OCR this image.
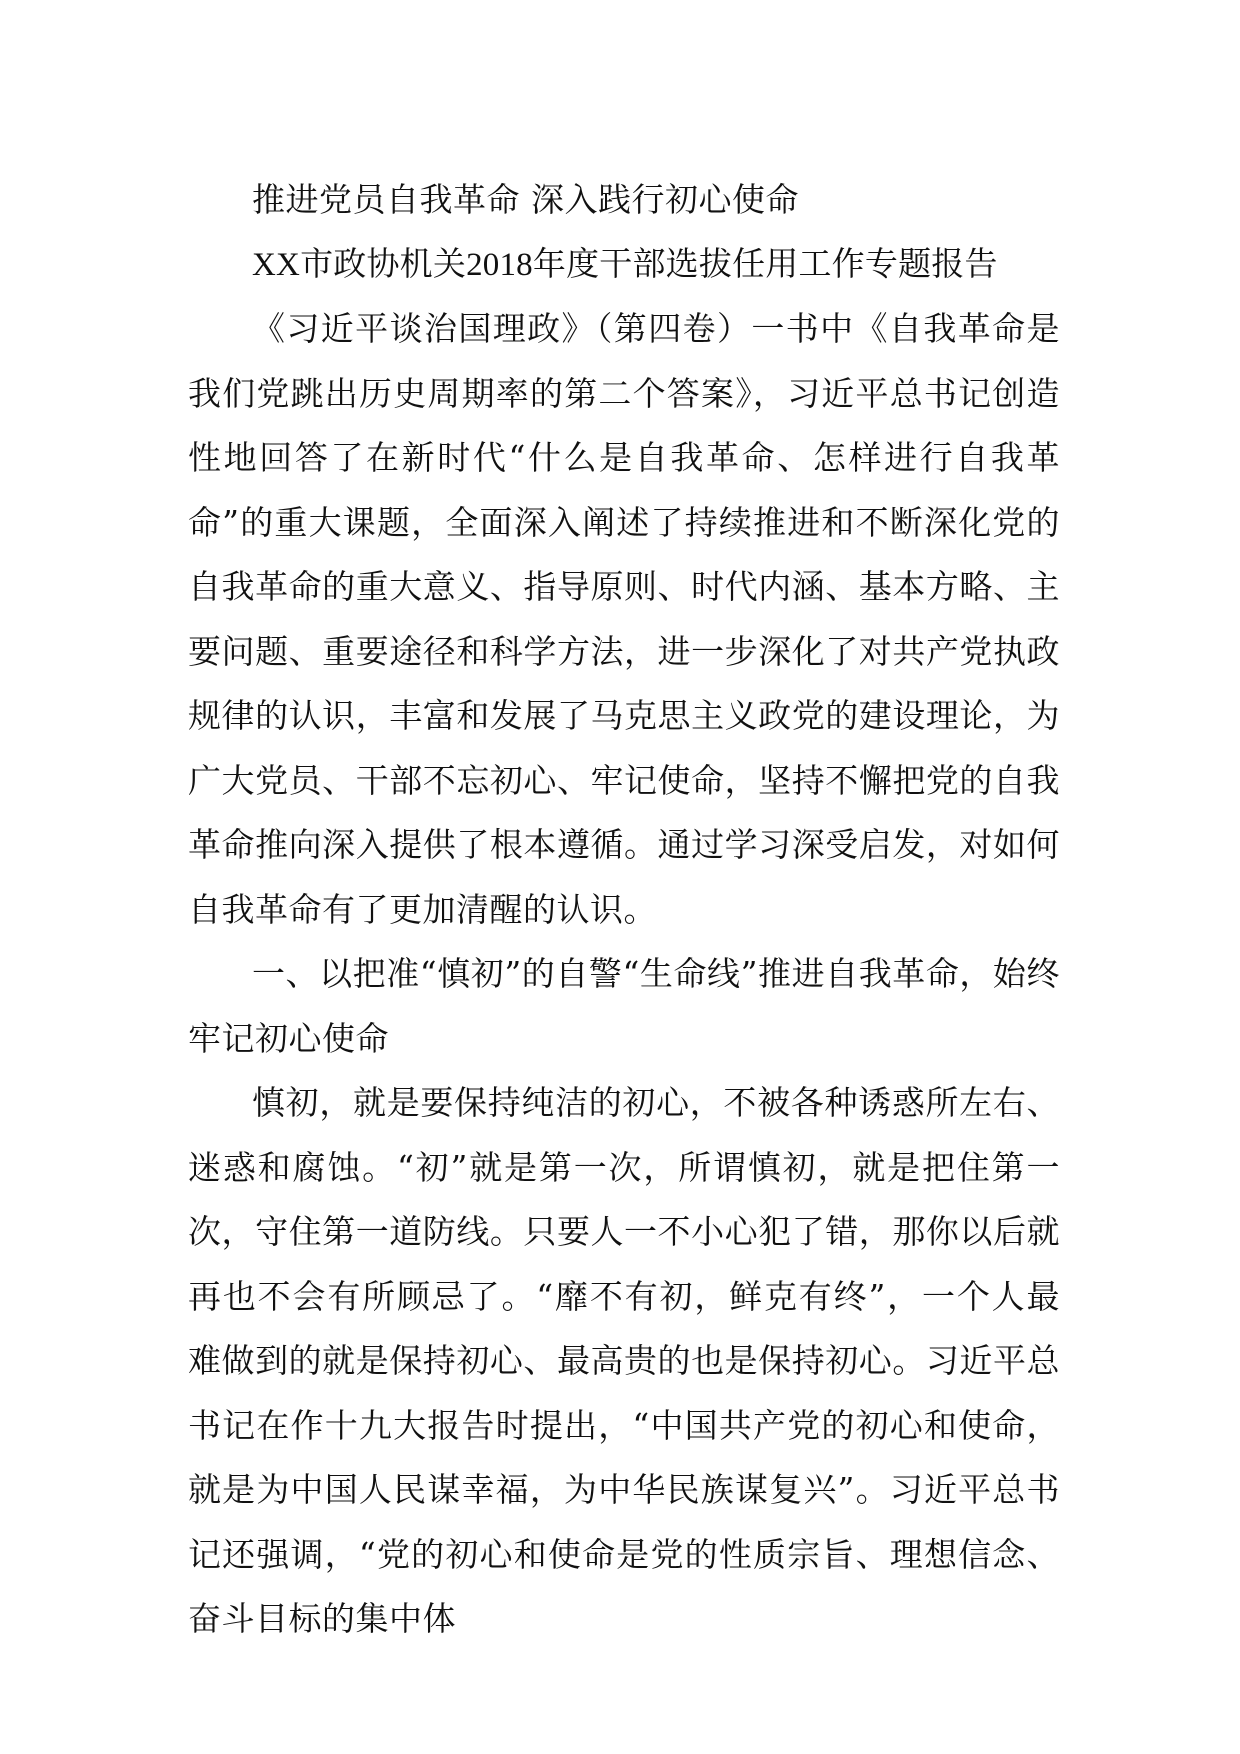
推进党员自我革命 深入践行初心使命

XX市政协机关2018年度干部选拔任用工作专题报告

《习近平谈治国理政》（第四卷）一书中《自我革命是我们党跳出历史周期率的第二个答案》，习近平总书记创造性地回答了在新时代“什么是自我革命、怎样进行自我革命”的重大课题，全面深入阐述了持续推进和不断深化党的自我革命的重大意义、指导原则、时代内涵、基本方略、主要问题、重要途径和科学方法，进一步深化了对共产党执政规律的认识，丰富和发展了马克思主义政党的建设理论，为广大党员、干部不忘初心、牢记使命，坚持不懈把党的自我革命推向深入提供了根本遵循。通过学习深受启发，对如何自我革命有了更加清醒的认识。

一、以把准“慎初”的自警“生命线”推进自我革命，始终牢记初心使命

慎初，就是要保持纯洁的初心，不被各种诱惑所左右、迷惑和腐蚀。“初”就是第一次，所谓慎初，就是把住第一次，守住第一道防线。只要人一不小心犯了错，那你以后就再也不会有所顾忌了。“靡不有初，鲜克有终”，一个人最难做到的就是保持初心、最高贵的也是保持初心。习近平总书记在作十九大报告时提出，“中国共产党的初心和使命，就是为中国人民谋幸福，为中华民族谋复兴”。习近平总书记还强调，“党的初心和使命是党的性质宗旨、理想信念、奋斗目标的集中体
